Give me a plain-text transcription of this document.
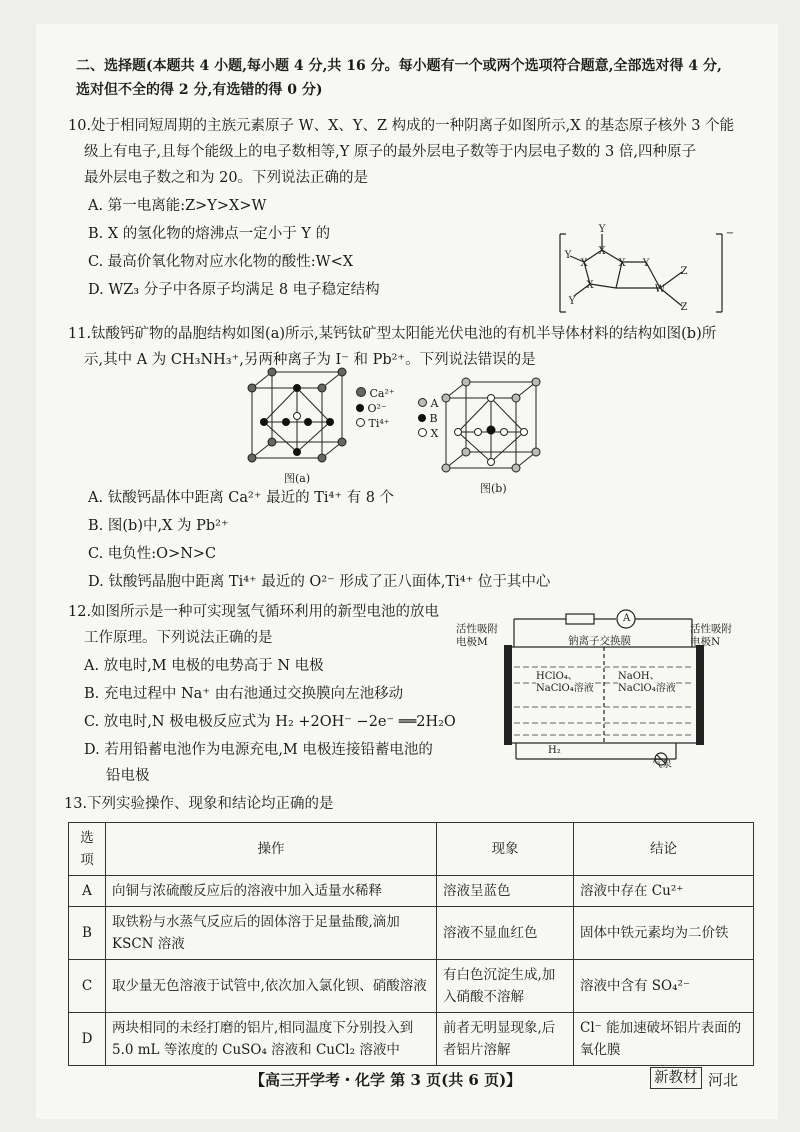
二、选择题(本题共 4 小题,每小题 4 分,共 16 分。每小题有一个或两个选项符合题意,全部选对得 4 分,
选对但不全的得 2 分,有选错的得 0 分)
10.处于相同短周期的主族元素原子 W、X、Y、Z 构成的一种阴离子如图所示,X 的基态原子核外 3 个能
级上有电子,且每个能级上的电子数相等,Y 原子的最外层电子数等于内层电子数的 3 倍,四种原子
最外层电子数之和为 20。下列说法正确的是
A. 第一电离能:Z>Y>X>W
B. X 的氢化物的熔沸点一定小于 Y 的
C. 最高价氧化物对应水化物的酸性:W<X
D. WZ₃ 分子中各原子均满足 8 电子稳定结构
Y
X
X	X Y
W
Z
Z
X
Y
Y
−
11.钛酸钙矿物的晶胞结构如图(a)所示,某钙钛矿型太阳能光伏电池的有机半导体材料的结构如图(b)所
示,其中 A 为 CH₃NH₃⁺,另两种离子为 I⁻ 和 Pb²⁺。下列说法错误的是
Ca²⁺
O²⁻
Ti⁴⁺
图(a)
A
B
X
图(b)
A. 钛酸钙晶体中距离 Ca²⁺ 最近的 Ti⁴⁺ 有 8 个
B. 图(b)中,X 为 Pb²⁺
C. 电负性:O>N>C
D. 钛酸钙晶胞中距离 Ti⁴⁺ 最近的 O²⁻ 形成了正八面体,Ti⁴⁺ 位于其中心
12.如图所示是一种可实现氢气循环利用的新型电池的放电
工作原理。下列说法正确的是
A. 放电时,M 电极的电势高于 N 电极
B. 充电过程中 Na⁺ 由右池通过交换膜向左池移动
C. 放电时,N 极电极反应式为 H₂ +2OH⁻ −2e⁻ ══2H₂O
D. 若用铅蓄电池作为电源充电,M 电极连接铅蓄电池的
铅电极
A
活性吸附
电极M
活性吸附
电极N
钠离子交换膜
HClO₄、
NaClO₄溶液
NaOH、
NaClO₄溶液
H₂
气泵
13.下列实验操作、现象和结论均正确的是
选项	操作	现象	结论
A	向铜与浓硫酸反应后的溶液中加入适量水稀释	溶液呈蓝色	溶液中存在 Cu²⁺
B	取铁粉与水蒸气反应后的固体溶于足量盐酸,滴加 KSCN 溶液	溶液不显血红色	固体中铁元素均为二价铁
C	取少量无色溶液于试管中,依次加入氯化钡、硝酸溶液	有白色沉淀生成,加入硝酸不溶解	溶液中含有 SO₄²⁻
D	两块相同的未经打磨的铝片,相同温度下分别投入到 5.0 mL 等浓度的 CuSO₄ 溶液和 CuCl₂ 溶液中	前者无明显现象,后者铝片溶解	Cl⁻ 能加速破坏铝片表面的氧化膜
【高三开学考・化学 第 3 页(共 6 页)】	新教材 河北
